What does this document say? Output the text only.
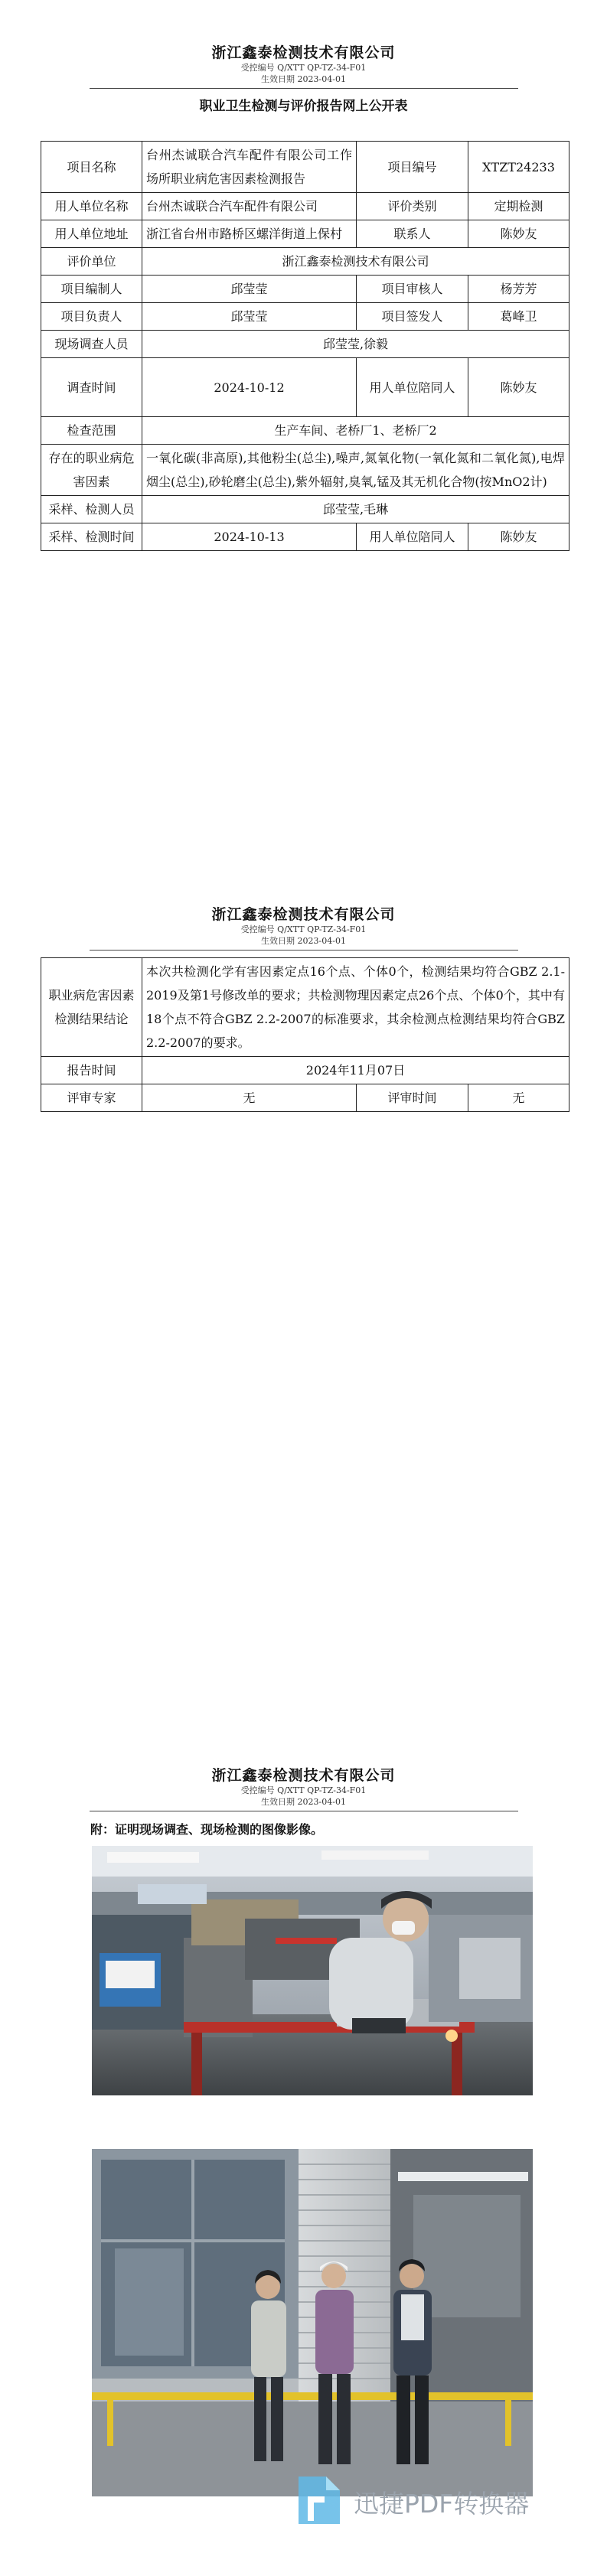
浙江鑫泰检测技术有限公司
受控编号 Q/XTT QP-TZ-34-F01
生效日期 2023-04-01
职业卫生检测与评价报告网上公开表
项目名称	台州杰诚联合汽车配件有限公司工作场所职业病危害因素检测报告	项目编号	XTZT24233
用人单位名称	台州杰诚联合汽车配件有限公司	评价类别	定期检测
用人单位地址	浙江省台州市路桥区螺洋街道上保村	联系人	陈妙友
评价单位	浙江鑫泰检测技术有限公司		
项目编制人	邱莹莹	项目审核人	杨芳芳
项目负责人	邱莹莹	项目签发人	葛峰卫
现场调查人员	邱莹莹,徐毅		
调查时间	2024-10-12	用人单位陪同人	陈妙友
检查范围	生产车间、老桥厂1、老桥厂2		
存在的职业病危害因素	一氧化碳(非高原),其他粉尘(总尘),噪声,氮氧化物(一氧化氮和二氧化氮),电焊烟尘(总尘),砂轮磨尘(总尘),紫外辐射,臭氧,锰及其无机化合物(按MnO2计)		
采样、检测人员	邱莹莹,毛琳		
采样、检测时间	2024-10-13	用人单位陪同人	陈妙友
浙江鑫泰检测技术有限公司
受控编号 Q/XTT QP-TZ-34-F01
生效日期 2023-04-01
职业病危害因素检测结果结论	本次共检测化学有害因素定点16个点、个体0个，检测结果均符合GBZ 2.1-2019及第1号修改单的要求；共检测物理因素定点26个点、个体0个，其中有18个点不符合GBZ 2.2-2007的标准要求，其余检测点检测结果均符合GBZ 2.2-2007的要求。		
报告时间	2024年11月07日		
评审专家	无	评审时间	无
浙江鑫泰检测技术有限公司
受控编号 Q/XTT QP-TZ-34-F01
生效日期 2023-04-01
附：证明现场调查、现场检测的图像影像。
迅捷PDF转换器
